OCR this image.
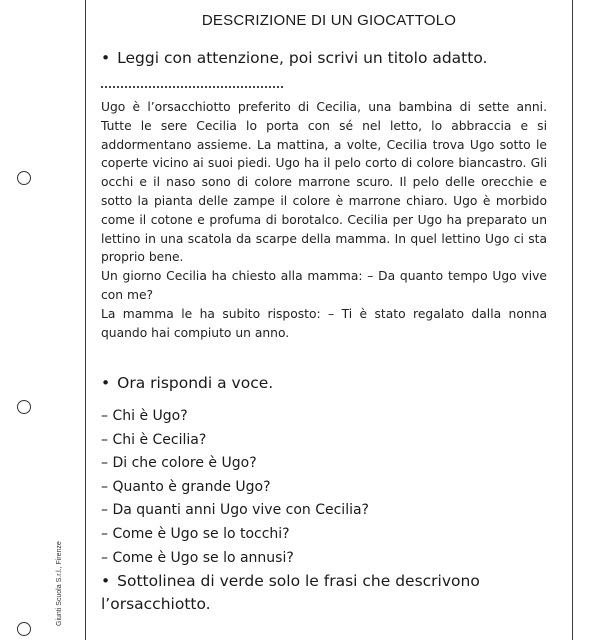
Giunti Scuola S.r.l., Firenze
DESCRIZIONE DI UN GIOCATTOLO
• Leggi con attenzione, poi scrivi un titolo adatto.

Ugo è l’orsacchiotto preferito di Cecilia, una bambina di sette anni. Tutte le sere Cecilia lo porta con sé nel letto, lo abbraccia e si addormentano assieme. La mattina, a volte, Cecilia trova Ugo sotto le coperte vicino ai suoi piedi. Ugo ha il pelo corto di colore biancastro. Gli occhi e il naso sono di colore marrone scuro. Il pelo delle orecchie e sotto la pianta delle zampe il colore è marrone chiaro. Ugo è morbido come il cotone e profuma di borotalco. Cecilia per Ugo ha preparato un lettino in una scatola da scarpe della mamma. In quel lettino Ugo ci sta proprio bene.

Un giorno Cecilia ha chiesto alla mamma: – Da quanto tempo Ugo vive con me?

La mamma le ha subito risposto: – Ti è stato regalato dalla nonna quando hai compiuto un anno.

• Ora rispondi a voce.
– Chi è Ugo?
– Chi è Cecilia?
– Di che colore è Ugo?
– Quanto è grande Ugo?
– Da quanti anni Ugo vive con Cecilia?
– Come è Ugo se lo tocchi?
– Come è Ugo se lo annusi?
• Sottolinea di verde solo le frasi che descrivono l’orsacchiotto.
